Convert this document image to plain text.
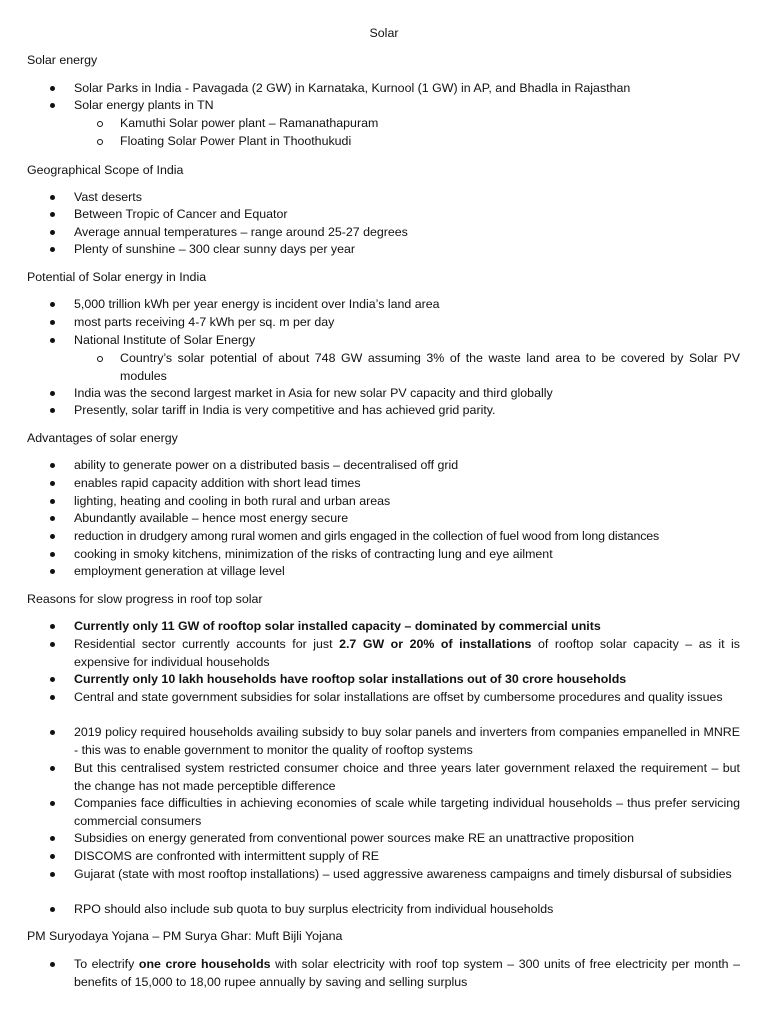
Solar
Solar energy
Solar Parks in India - Pavagada (2 GW) in Karnataka, Kurnool (1 GW) in AP, and Bhadla in Rajasthan
Solar energy plants in TN
Kamuthi Solar power plant – Ramanathapuram
Floating Solar Power Plant in Thoothukudi
Geographical Scope of India
Vast deserts
Between Tropic of Cancer and Equator
Average annual temperatures – range around 25-27 degrees
Plenty of sunshine – 300 clear sunny days per year
Potential of Solar energy in India
5,000 trillion kWh per year energy is incident over India’s land area
most parts receiving 4-7 kWh per sq. m per day
National Institute of Solar Energy
Country’s solar potential of about 748 GW assuming 3% of the waste land area to be covered by Solar PV modules
India was the second largest market in Asia for new solar PV capacity and third globally
Presently, solar tariff in India is very competitive and has achieved grid parity.
Advantages of solar energy
ability to generate power on a distributed basis – decentralised off grid
enables rapid capacity addition with short lead times
lighting, heating and cooling in both rural and urban areas
Abundantly available – hence most energy secure
reduction in drudgery among rural women and girls engaged in the collection of fuel wood from long distances
cooking in smoky kitchens, minimization of the risks of contracting lung and eye ailment
employment generation at village level
Reasons for slow progress in roof top solar
Currently only 11 GW of rooftop solar installed capacity – dominated by commercial units
Residential sector currently accounts for just 2.7 GW or 20% of installations of rooftop solar capacity – as it is expensive for individual households
Currently only 10 lakh households have rooftop solar installations out of 30 crore households
Central and state government subsidies for solar installations are offset by cumbersome procedures and quality issues
2019 policy required households availing subsidy to buy solar panels and inverters from companies empanelled in MNRE - this was to enable government to monitor the quality of rooftop systems
But this centralised system restricted consumer choice and three years later government relaxed the requirement – but the change has not made perceptible difference
Companies face difficulties in achieving economies of scale while targeting individual households – thus prefer servicing commercial consumers
Subsidies on energy generated from conventional power sources make RE an unattractive proposition
DISCOMS are confronted with intermittent supply of RE
Gujarat (state with most rooftop installations) – used aggressive awareness campaigns and timely disbursal of subsidies
RPO should also include sub quota to buy surplus electricity from individual households
PM Suryodaya Yojana – PM Surya Ghar: Muft Bijli Yojana
To electrify one crore households with solar electricity with roof top system – 300 units of free electricity per month – benefits of 15,000 to 18,00 rupee annually by saving and selling surplus
